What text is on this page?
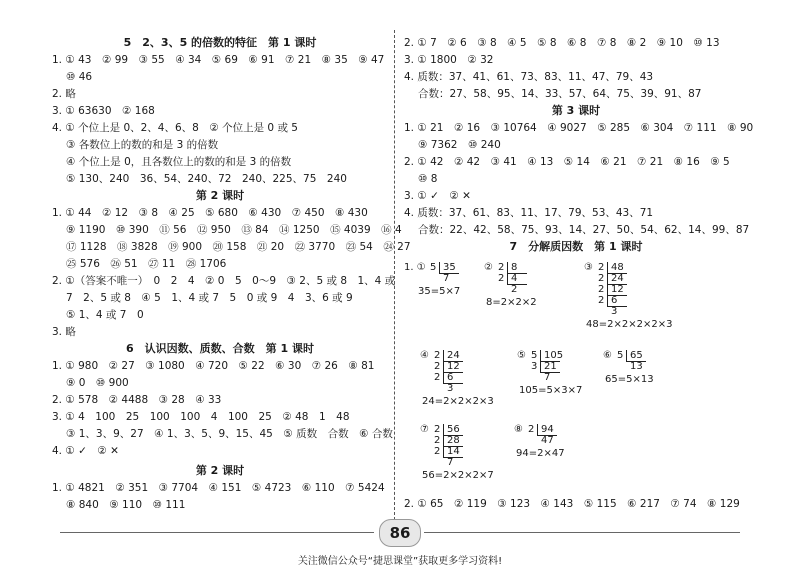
5　2、3、5 的倍数的特征　第 1 课时
1. ① 43　② 99　③ 55　④ 34　⑤ 69　⑥ 91　⑦ 21　⑧ 35　⑨ 47
⑩ 46
2. 略
3. ① 63630　② 168
4. ① 个位上是 0、2、4、6、8　② 个位上是 0 或 5
③ 各数位上的数的和是 3 的倍数
④ 个位上是 0，且各数位上的数的和是 3 的倍数
⑤ 130、240　36、54、240、72　240、225、75　240
第 2 课时
1. ① 44　② 12　③ 8　④ 25　⑤ 680　⑥ 430　⑦ 450　⑧ 430
⑨ 1190　⑩ 390　⑪ 56　⑫ 950　⑬ 84　⑭ 1250　⑮ 4039　⑯ 4
⑰ 1128　⑱ 3828　⑲ 900　⑳ 158　㉑ 20　㉒ 3770　㉓ 54　㉔ 27
㉕ 576　㉖ 51　㉗ 11　㉘ 1706
2. ①（答案不唯一）　0　2　4　② 0　5　0～9　③ 2、5 或 8　1、4 或
7　2、5 或 8　④ 5　1、4 或 7　5　0 或 9　4　3、6 或 9
⑤ 1、4 或 7　0
3. 略
6　认识因数、质数、合数　第 1 课时
1. ① 980　② 27　③ 1080　④ 720　⑤ 22　⑥ 30　⑦ 26　⑧ 81
⑨ 0　⑩ 900
2. ① 578　② 4488　③ 28　④ 33
3. ① 4　100　25　100　100　4　100　25　② 48　1　48
③ 1、3、9、27　④ 1、3、5、9、15、45　⑤ 质数　合数　⑥ 合数
4. ① ✓　② ✕
第 2 课时
1. ① 4821　② 351　③ 7704　④ 151　⑤ 4723　⑥ 110　⑦ 5424
⑧ 840　⑨ 110　⑩ 111
2. ① 7　② 6　③ 8　④ 5　⑤ 8　⑥ 8　⑦ 8　⑧ 2　⑨ 10　⑩ 13
3. ① 1800　② 32
4. 质数：37、41、61、73、83、11、47、79、43
合数：27、58、95、14、33、57、64、75、39、91、87
第 3 课时
1. ① 21　② 16　③ 10764　④ 9027　⑤ 285　⑥ 304　⑦ 111　⑧ 90
⑨ 7362　⑩ 240
2. ① 42　② 42　③ 41　④ 13　⑤ 14　⑥ 21　⑦ 21　⑧ 16　⑨ 5
⑩ 8
3. ① ✓　② ✕
4. 质数：37、61、83、11、17、79、53、43、71
合数：22、42、58、75、93、14、27、50、54、62、14、99、87
7　分解质因数　第 1 课时
2. ① 65　② 119　③ 123　④ 143　⑤ 115　⑥ 217　⑦ 74　⑧ 129
1. ① 5 35
7
35=5×7
② 2
2
8
4
2
8=2×2×2
③ 2
2
2
2
48
24
12
6
3
48=2×2×2×2×3
④ 2
2
2
24
12
6
3
24=2×2×2×3
⑤ 5
3
105
21
7
105=5×3×7
⑥ 5 65
13
65=5×13
⑦ 2
2
2
56
28
14
7
56=2×2×2×7
⑧ 2 94
47
94=2×47
86
关注微信公众号“捷思课堂”获取更多学习资料!
